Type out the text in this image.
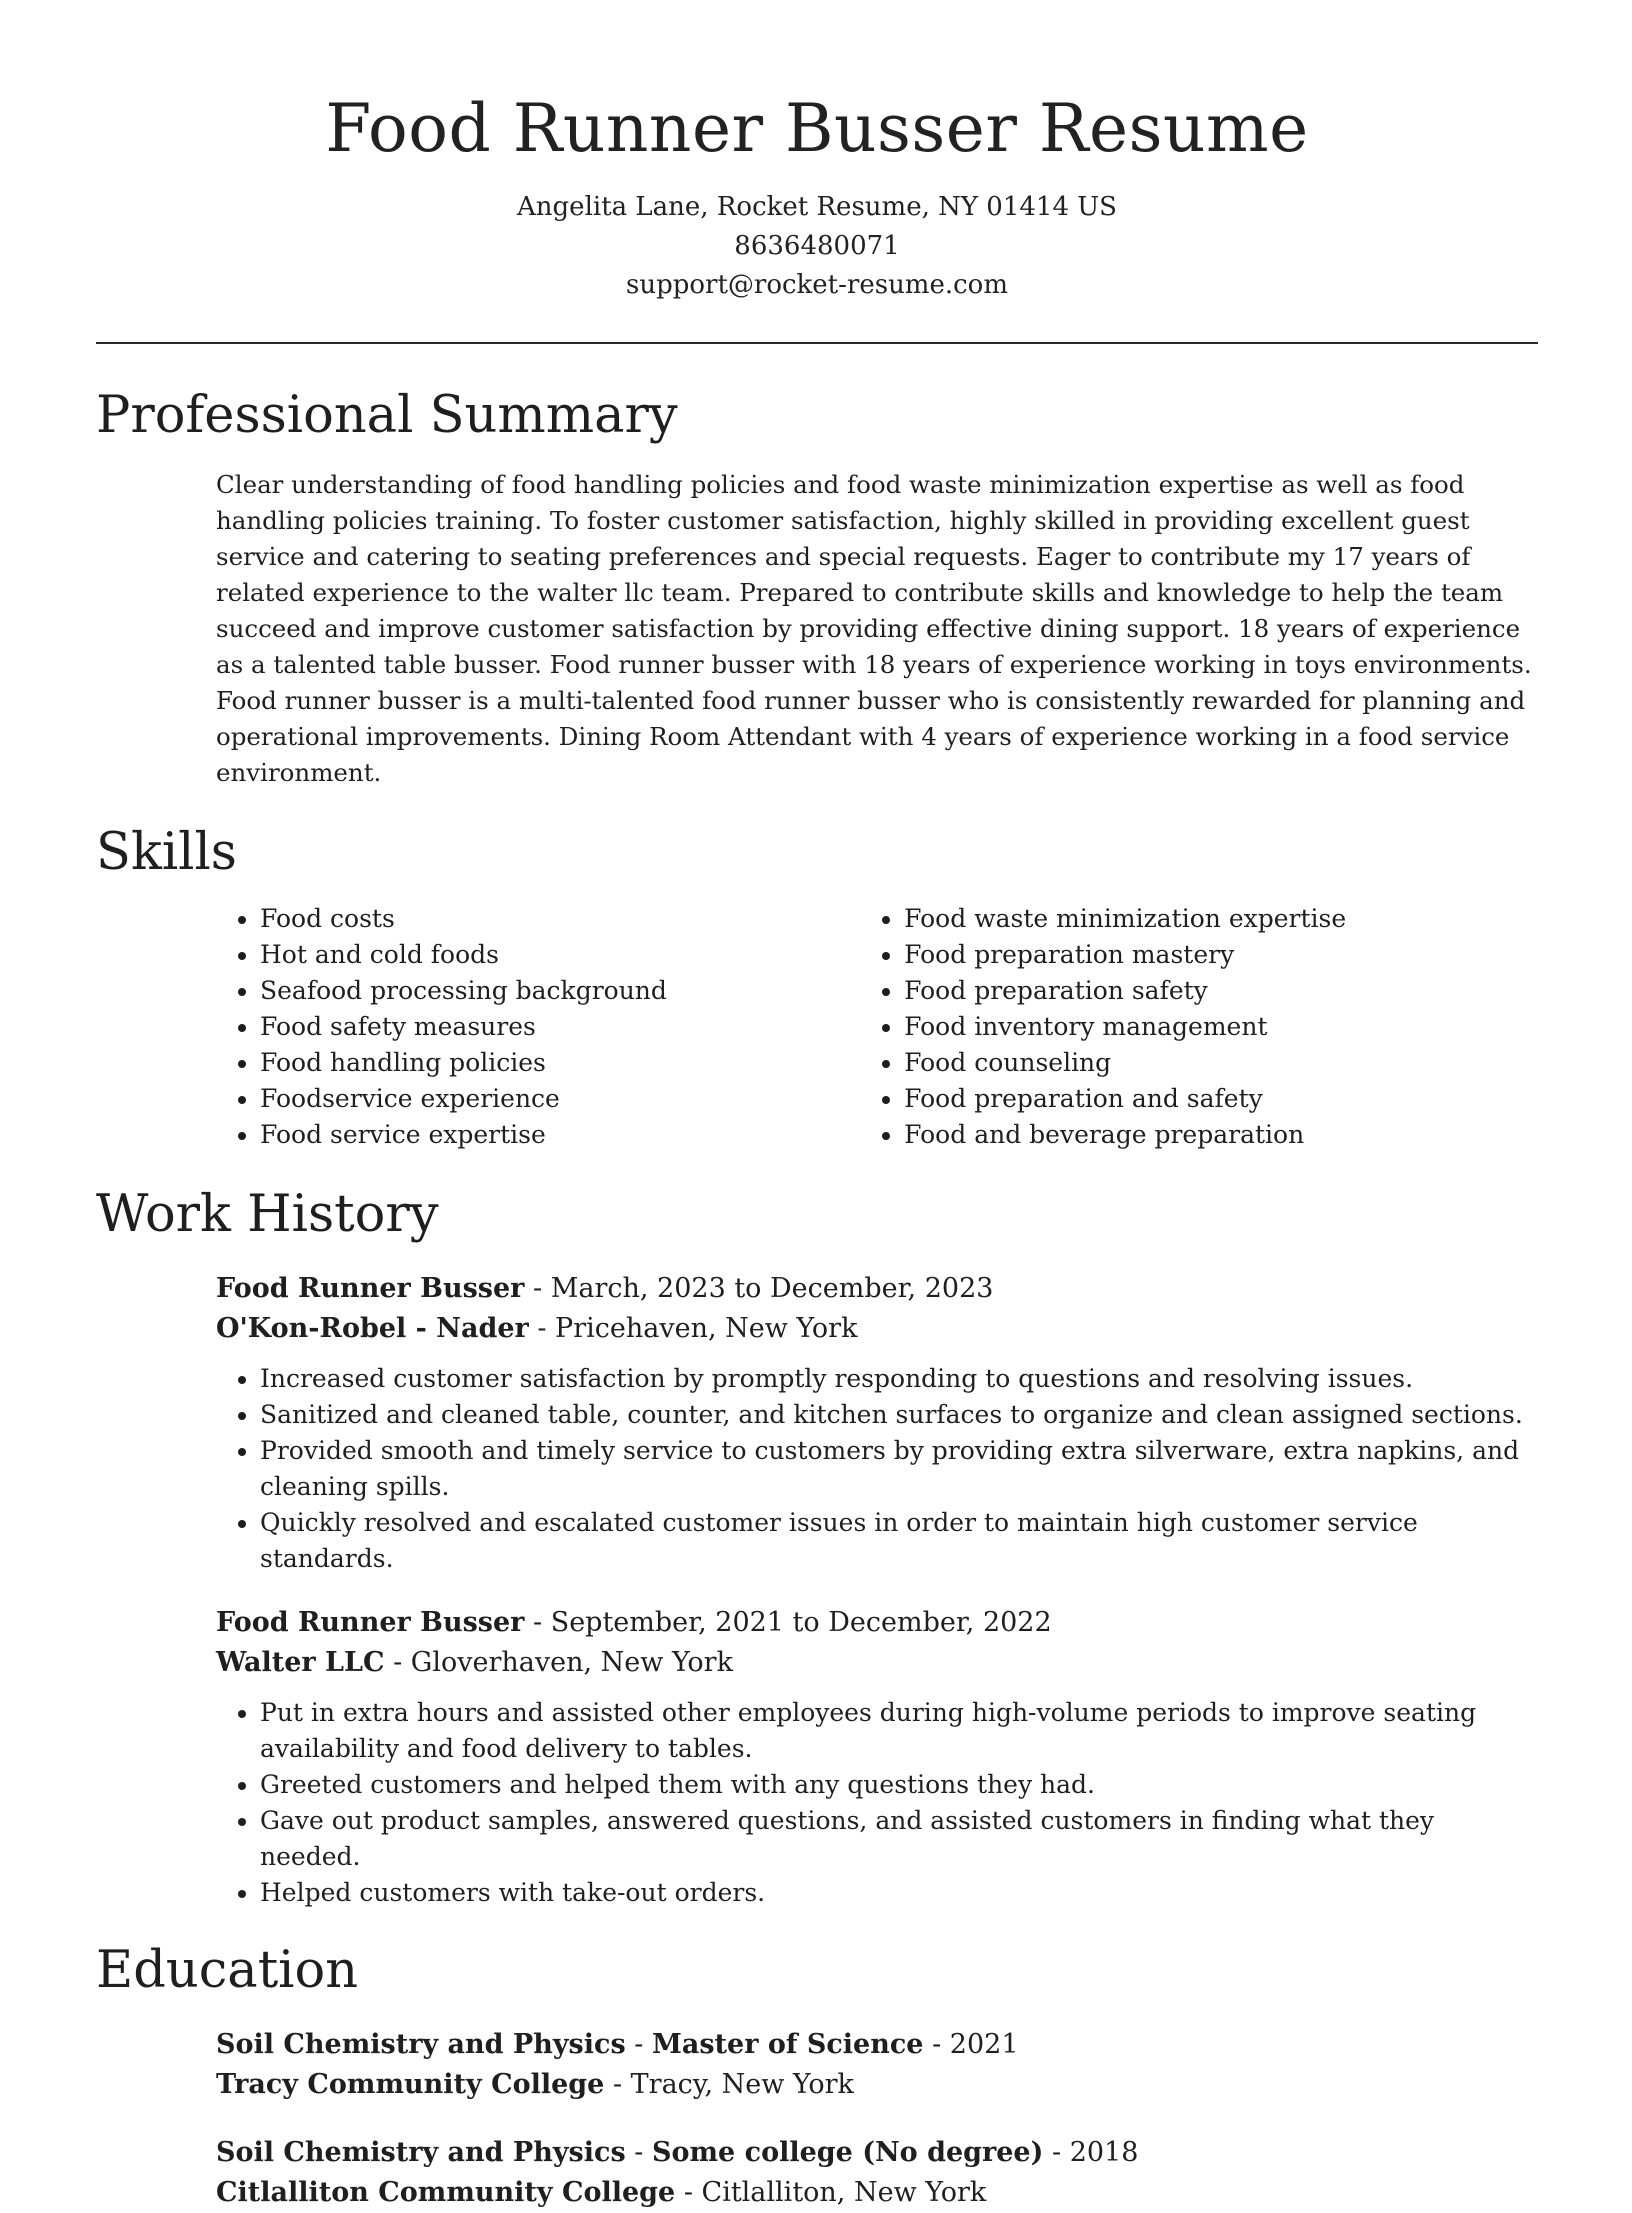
Food Runner Busser Resume
Angelita Lane, Rocket Resume, NY 01414 US
8636480071
support@rocket-resume.com
Professional Summary
Clear understanding of food handling policies and food waste minimization expertise as well as food handling policies training. To foster customer satisfaction, highly skilled in providing excellent guest service and catering to seating preferences and special requests. Eager to contribute my 17 years of related experience to the walter llc team. Prepared to contribute skills and knowledge to help the team succeed and improve customer satisfaction by providing effective dining support. 18 years of experience as a talented table busser. Food runner busser with 18 years of experience working in toys environments. Food runner busser is a multi-talented food runner busser who is consistently rewarded for planning and operational improvements. Dining Room Attendant with 4 years of experience working in a food service environment.
Skills
• Food costs
• Hot and cold foods
• Seafood processing background
• Food safety measures
• Food handling policies
• Foodservice experience
• Food service expertise
• Food waste minimization expertise
• Food preparation mastery
• Food preparation safety
• Food inventory management
• Food counseling
• Food preparation and safety
• Food and beverage preparation
Work History
Food Runner Busser - March, 2023 to December, 2023
O'Kon-Robel - Nader - Pricehaven, New York
• Increased customer satisfaction by promptly responding to questions and resolving issues.
• Sanitized and cleaned table, counter, and kitchen surfaces to organize and clean assigned sections.
• Provided smooth and timely service to customers by providing extra silverware, extra napkins, and cleaning spills.
• Quickly resolved and escalated customer issues in order to maintain high customer service standards.
Food Runner Busser - September, 2021 to December, 2022
Walter LLC - Gloverhaven, New York
• Put in extra hours and assisted other employees during high-volume periods to improve seating availability and food delivery to tables.
• Greeted customers and helped them with any questions they had.
• Gave out product samples, answered questions, and assisted customers in finding what they needed.
• Helped customers with take-out orders.
Education
Soil Chemistry and Physics - Master of Science - 2021
Tracy Community College - Tracy, New York
Soil Chemistry and Physics - Some college (No degree) - 2018
Citlalliton Community College - Citlalliton, New York
